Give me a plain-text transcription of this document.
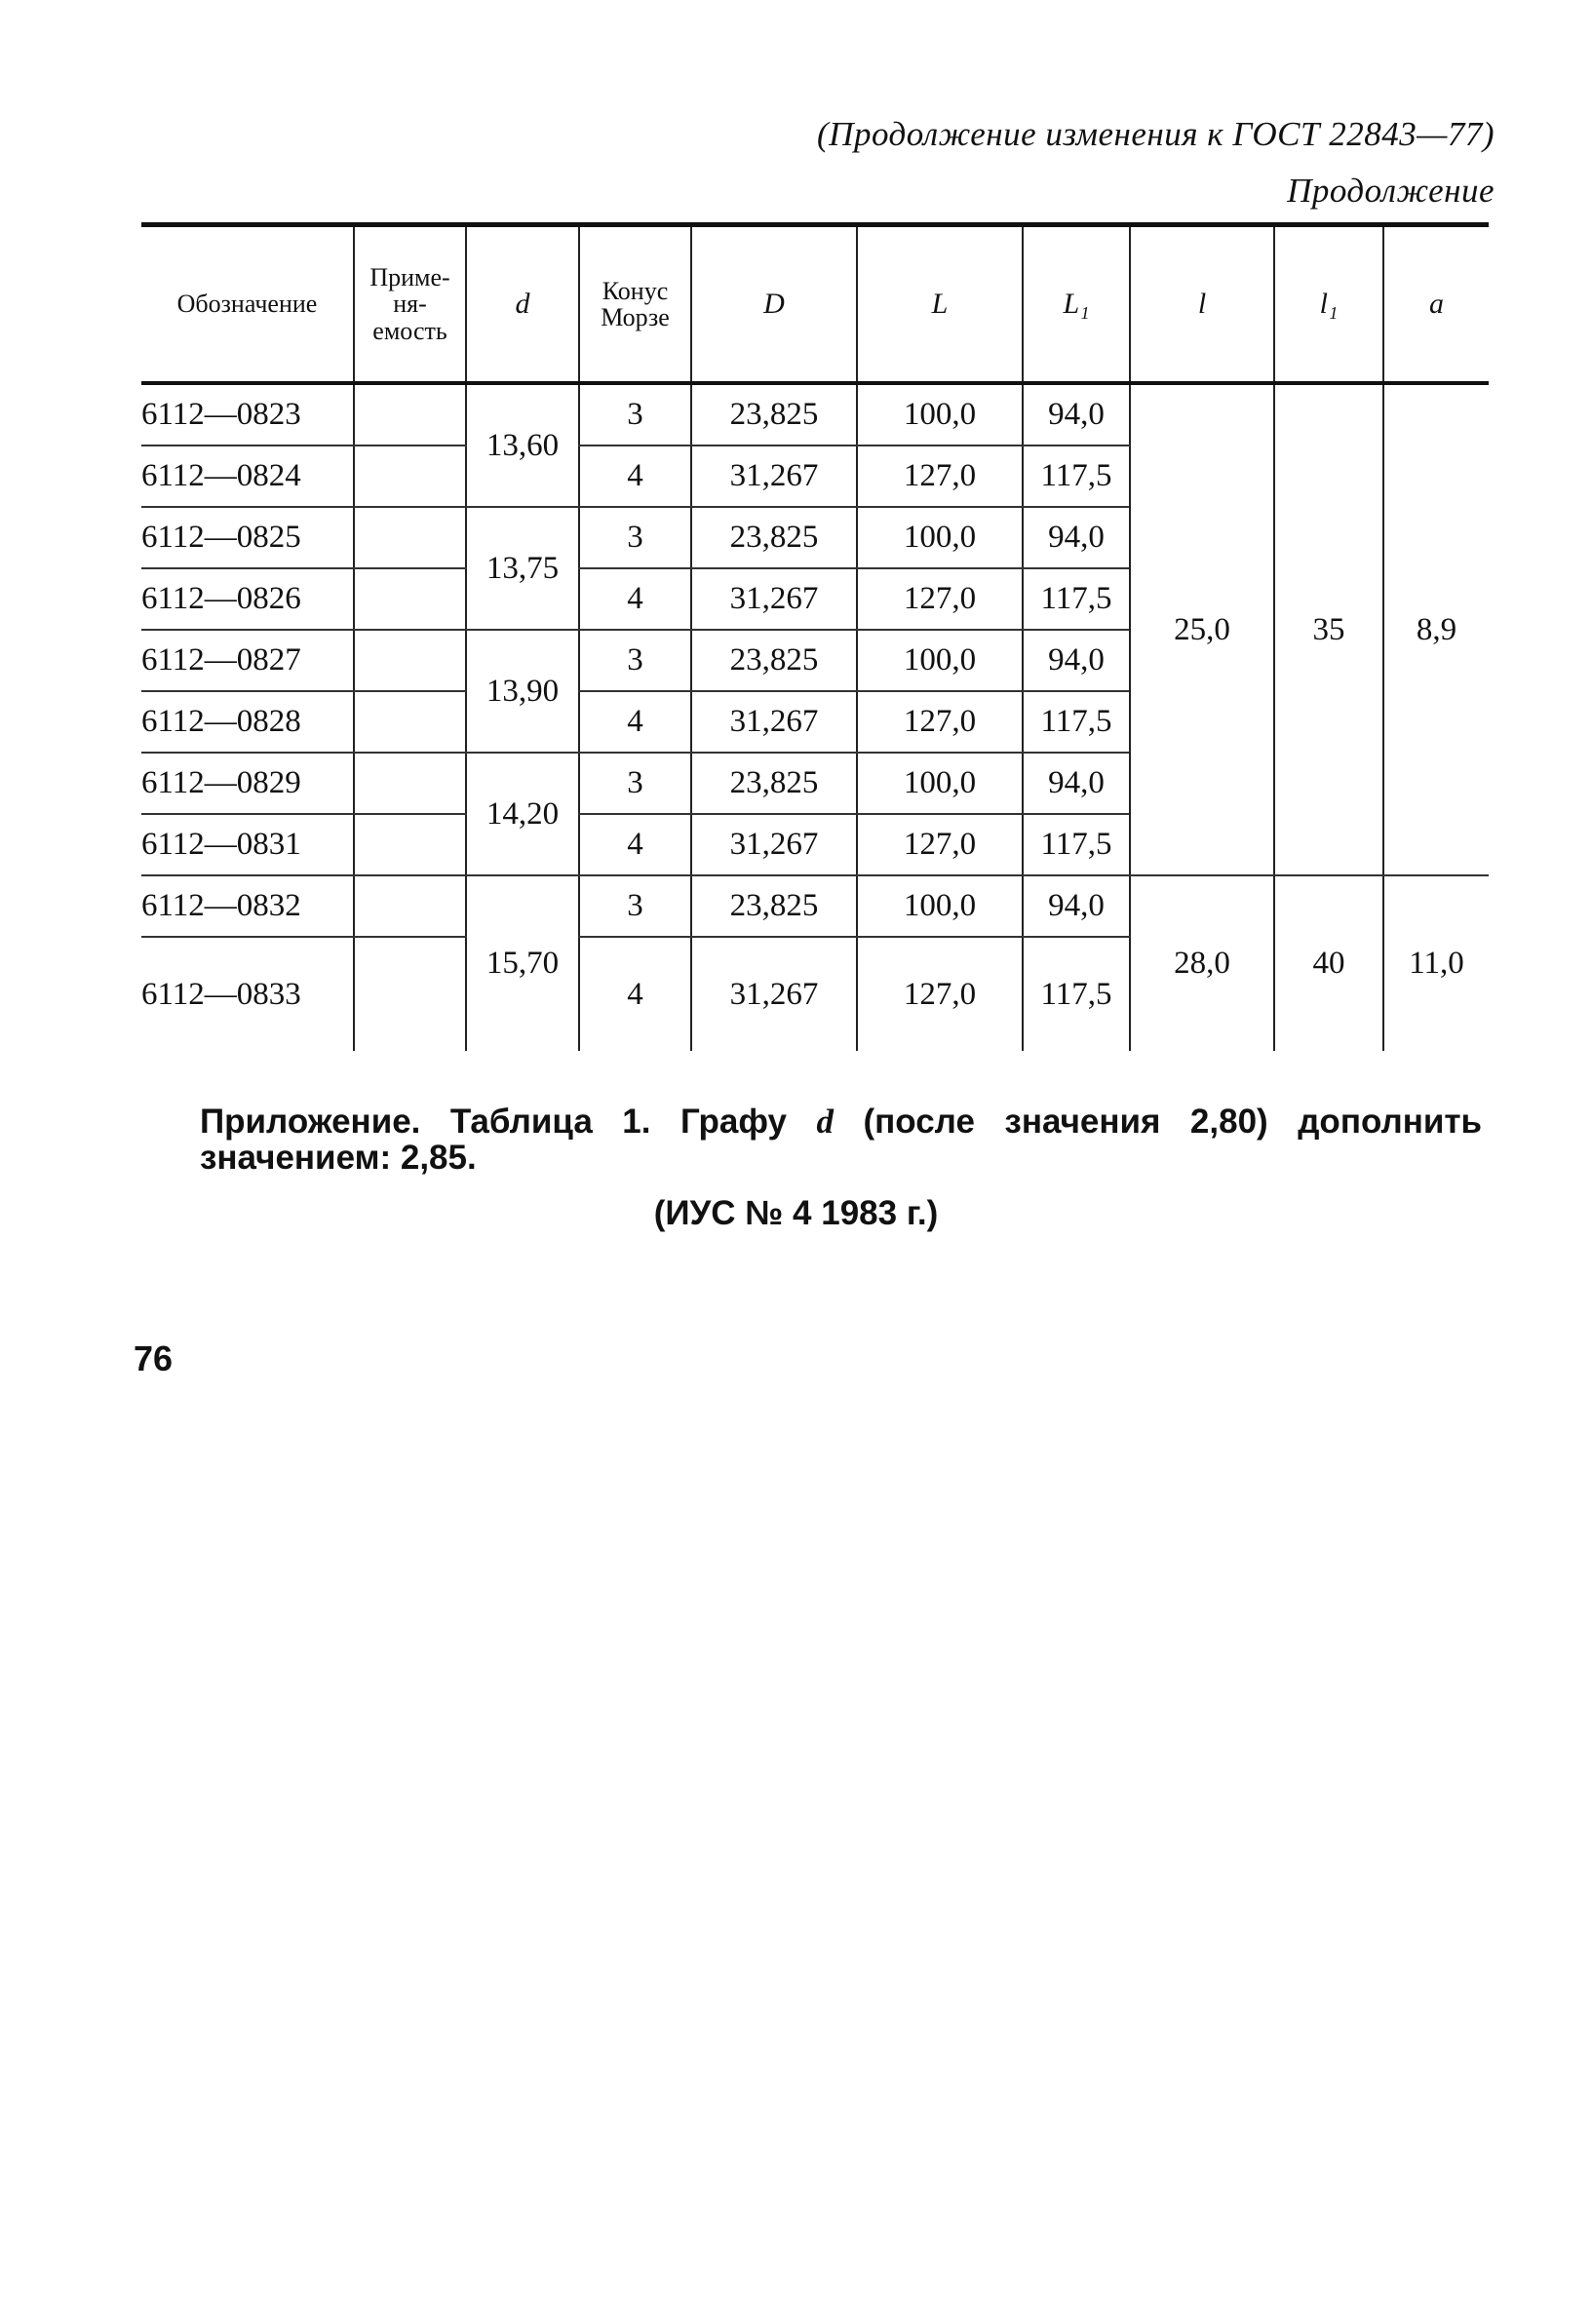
(Продолжение изменения к ГОСТ 22843—77)
Продолжение
Обозначение	Приме-ня-емость	d	Конус Морзе	D	L	L₁	l	l₁	a
6112—0823		13,60	3	23,825	100,0	94,0	25,0	35	8,9
6112—0824			4	31,267	127,0	117,5			
6112—0825		13,75	3	23,825	100,0	94,0			
6112—0826			4	31,267	127,0	117,5			
6112—0827		13,90	3	23,825	100,0	94,0			
6112—0828			4	31,267	127,0	117,5			
6112—0829		14,20	3	23,825	100,0	94,0			
6112—0831			4	31,267	127,0	117,5			
6112—0832		15,70	3	23,825	100,0	94,0	28,0	40	11,0
6112—0833			4	31,267	127,0	117,5			
Приложение. Таблица 1. Графу d (после значения 2,80) дополнить значением: 2,85.
(ИУС № 4 1983 г.)
76
